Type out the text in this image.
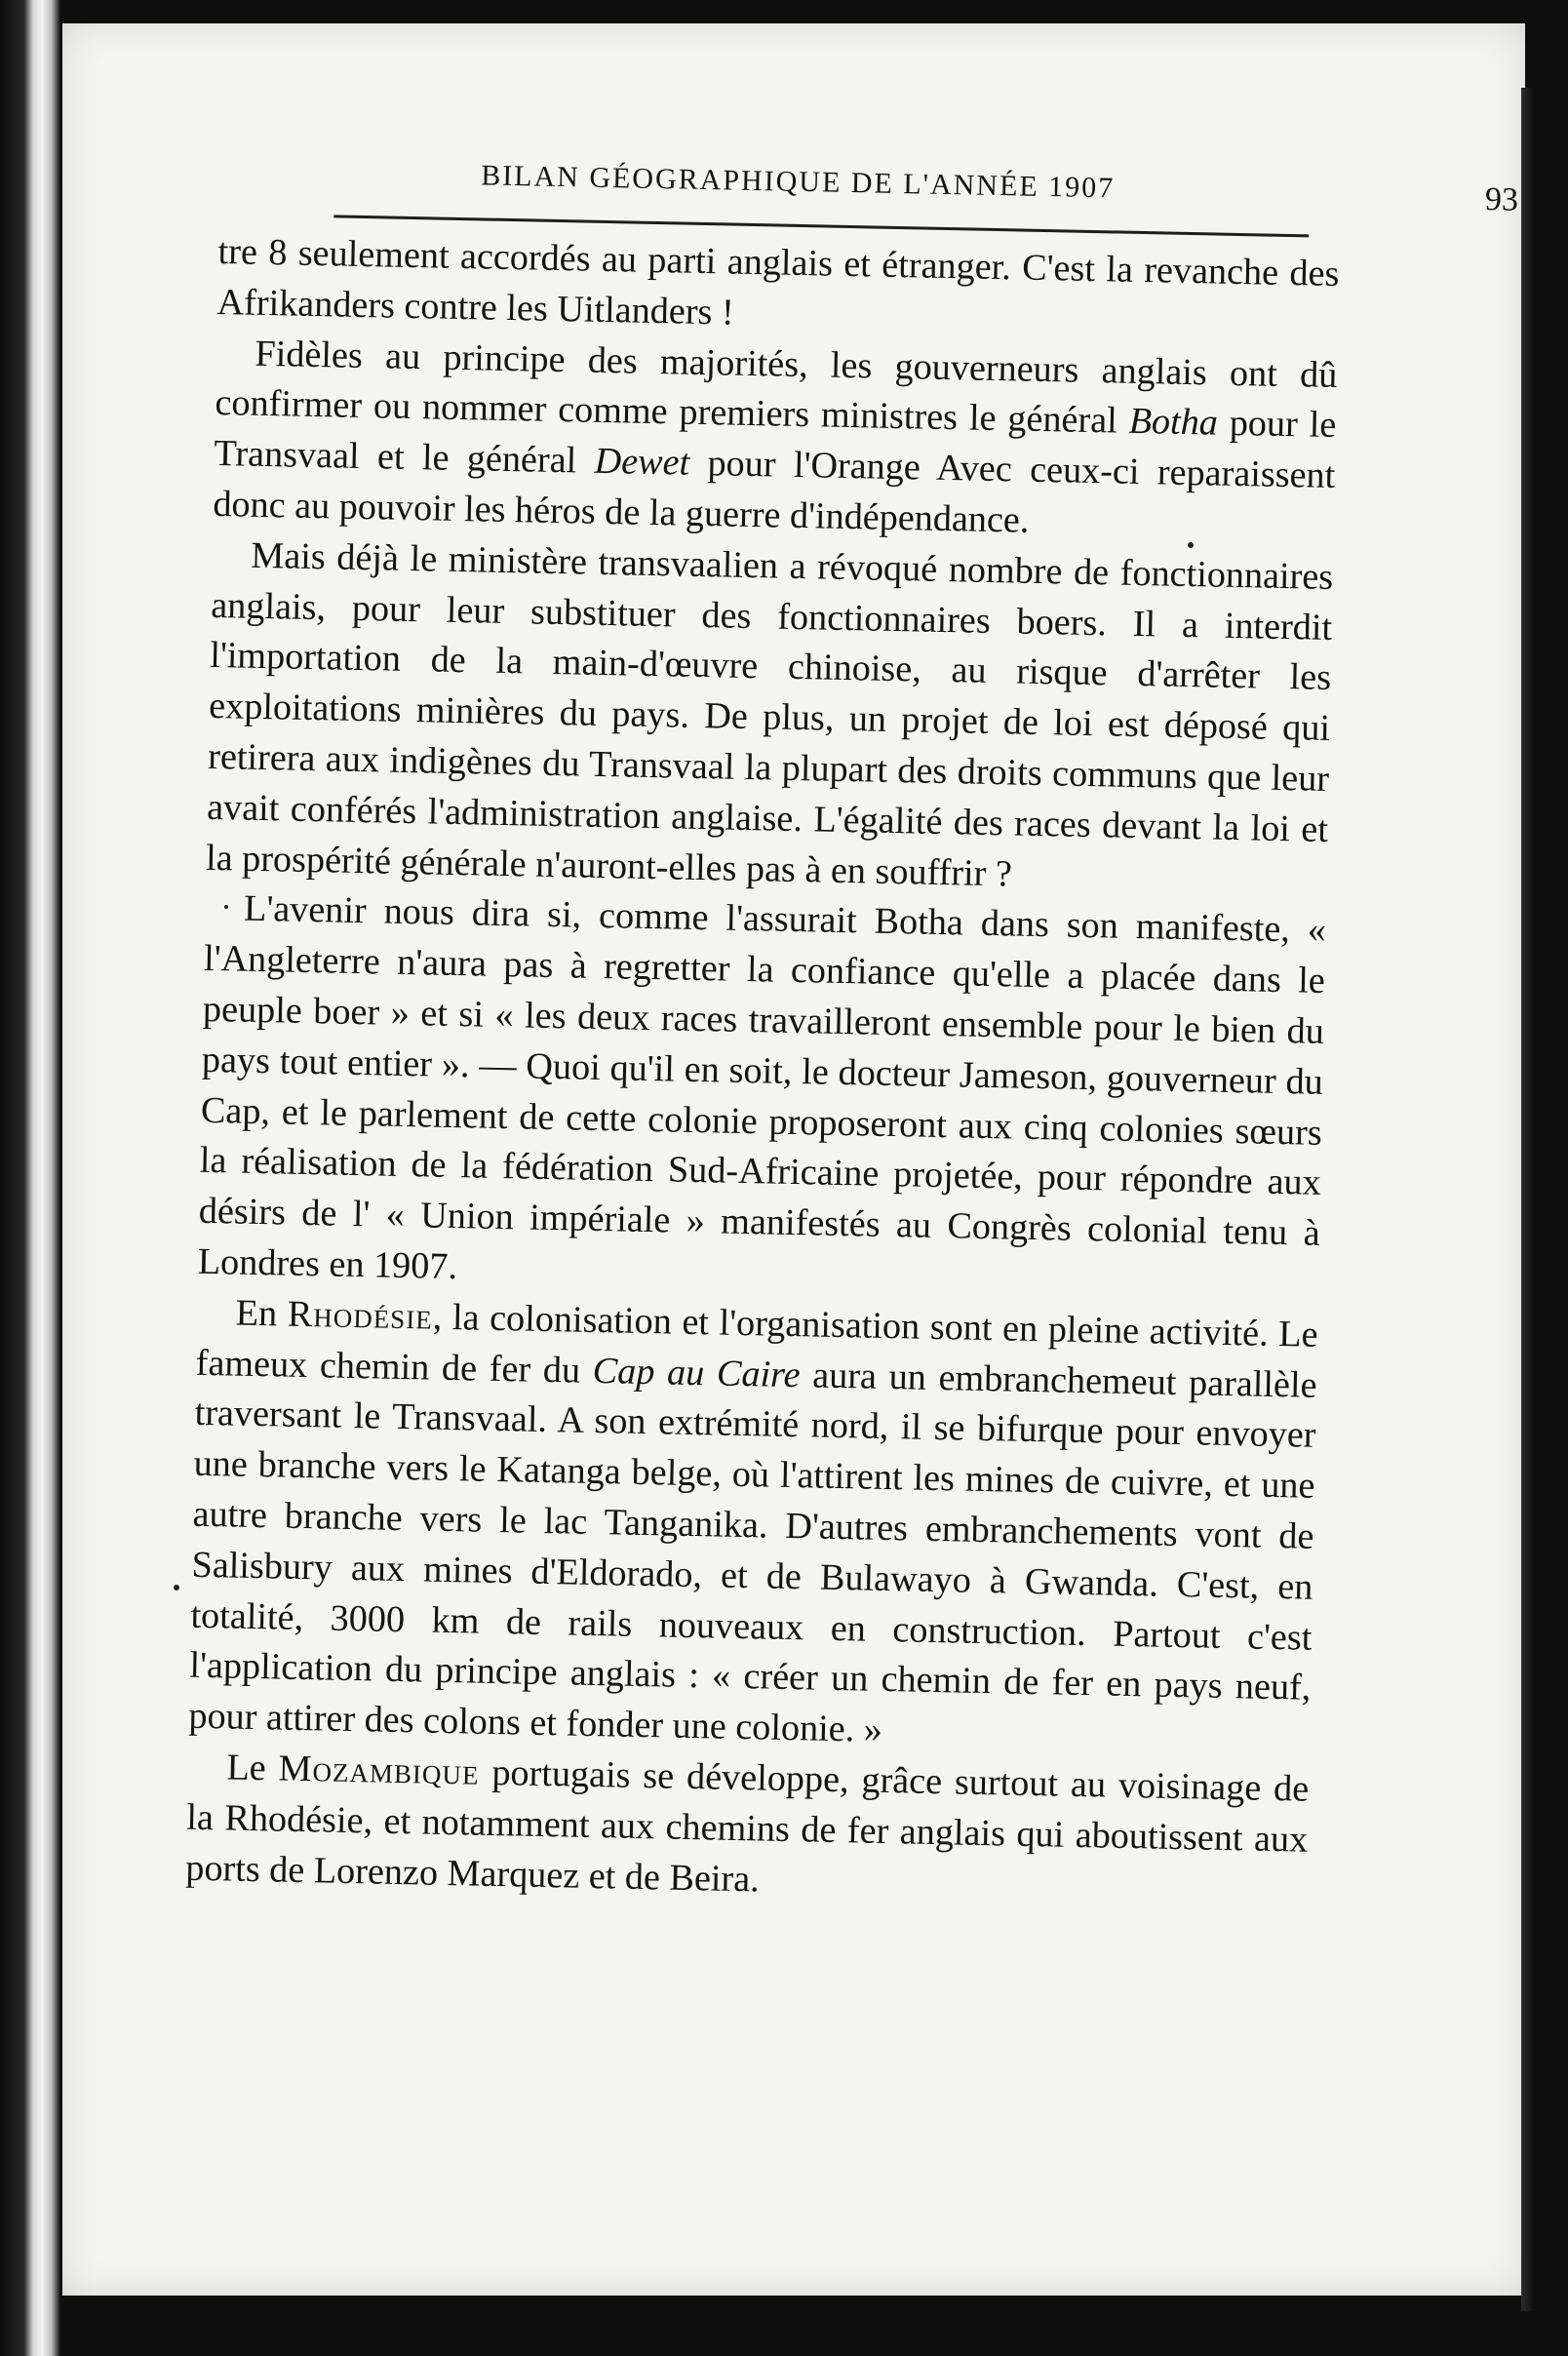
BILAN GÉOGRAPHIQUE DE L'ANNÉE 1907	93

tre 8 seulement accordés au parti anglais et étranger. C'est la revanche des Afrikanders contre les Uitlanders !

Fidèles au principe des majorités, les gouverneurs anglais ont dû confirmer ou nommer comme premiers ministres le général Botha pour le Transvaal et le général Dewet pour l'Orange Avec ceux-ci reparaissent donc au pouvoir les héros de la guerre d'indépendance.

Mais déjà le ministère transvaalien a révoqué nombre de fonctionnaires anglais, pour leur substituer des fonctionnaires boers. Il a interdit l'importation de la main-d'œuvre chinoise, au risque d'arrêter les exploitations minières du pays. De plus, un projet de loi est déposé qui retirera aux indigènes du Transvaal la plupart des droits communs que leur avait conférés l'administration anglaise. L'égalité des races devant la loi et la prospérité générale n'auront-elles pas à en souffrir ?

L'avenir nous dira si, comme l'assurait Botha dans son manifeste, « l'Angleterre n'aura pas à regretter la confiance qu'elle a placée dans le peuple boer » et si « les deux races travailleront ensemble pour le bien du pays tout entier ». — Quoi qu'il en soit, le docteur Jameson, gouverneur du Cap, et le parlement de cette colonie proposeront aux cinq colonies sœurs la réalisation de la fédération Sud-Africaine projetée, pour répondre aux désirs de l' « Union impériale » manifestés au Congrès colonial tenu à Londres en 1907.

En Rhodésie, la colonisation et l'organisation sont en pleine activité. Le fameux chemin de fer du Cap au Caire aura un embranchemeut parallèle traversant le Transvaal. A son extrémité nord, il se bifurque pour envoyer une branche vers le Katanga belge, où l'attirent les mines de cuivre, et une autre branche vers le lac Tanganika. D'autres embranchements vont de Salisbury aux mines d'Eldorado, et de Bulawayo à Gwanda. C'est, en totalité, 3000 km de rails nouveaux en construction. Partout c'est l'application du principe anglais : « créer un chemin de fer en pays neuf, pour attirer des colons et fonder une colonie. »

Le Mozambique portugais se développe, grâce surtout au voisinage de la Rhodésie, et notamment aux chemins de fer anglais qui aboutissent aux ports de Lorenzo Marquez et de Beira.
